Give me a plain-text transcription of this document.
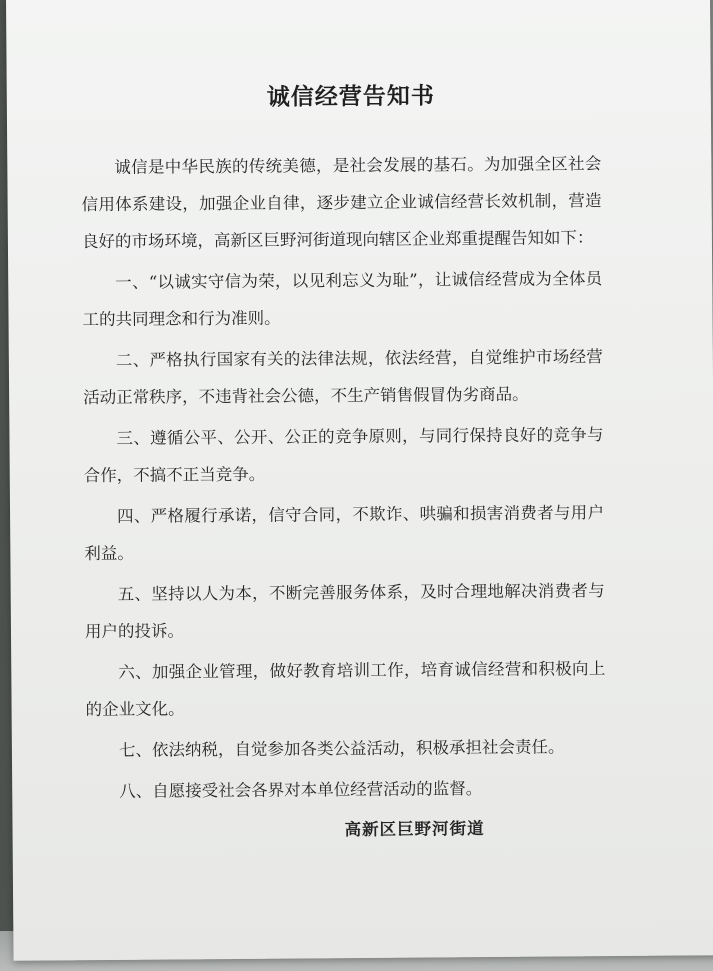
诚信经营告知书

诚信是中华民族的传统美德，是社会发展的基石。为加强全区社会信用体系建设，加强企业自律，逐步建立企业诚信经营长效机制，营造良好的市场环境，高新区巨野河街道现向辖区企业郑重提醒告知如下：

一、“以诚实守信为荣，以见利忘义为耻”，让诚信经营成为全体员工的共同理念和行为准则。

二、严格执行国家有关的法律法规，依法经营，自觉维护市场经营活动正常秩序，不违背社会公德，不生产销售假冒伪劣商品。

三、遵循公平、公开、公正的竞争原则，与同行保持良好的竞争与合作，不搞不正当竞争。

四、严格履行承诺，信守合同，不欺诈、哄骗和损害消费者与用户利益。

五、坚持以人为本，不断完善服务体系，及时合理地解决消费者与用户的投诉。

六、加强企业管理，做好教育培训工作，培育诚信经营和积极向上的企业文化。

七、依法纳税，自觉参加各类公益活动，积极承担社会责任。

八、自愿接受社会各界对本单位经营活动的监督。

高新区巨野河街道
